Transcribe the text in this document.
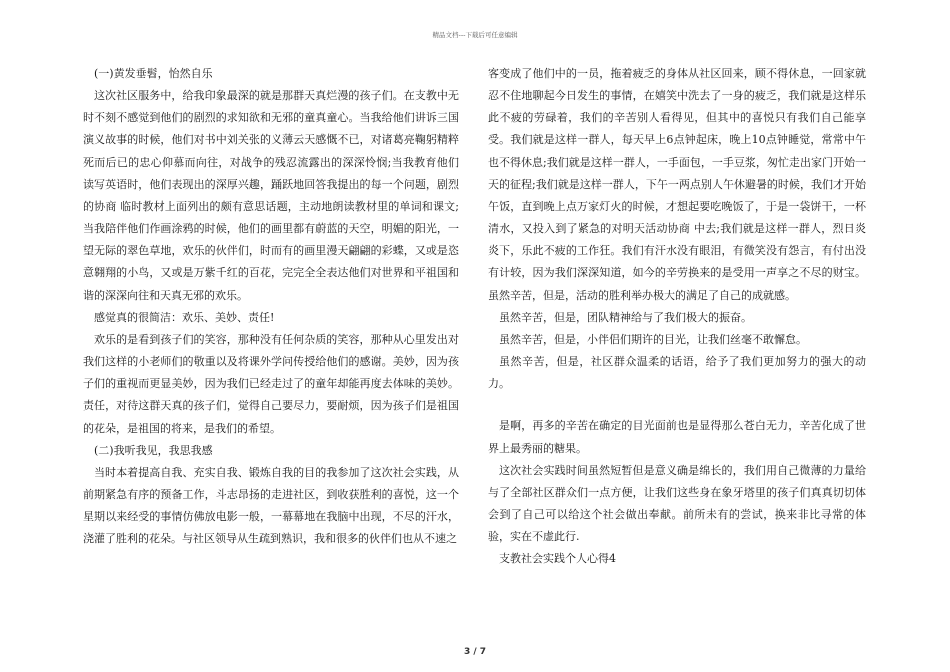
精品文档---下载后可任意编辑

(一)黄发垂髫，怡然自乐

这次社区服务中，给我印象最深的就是那群天真烂漫的孩子们。在支教中无时不刻不感觉到他们的剧烈的求知欲和无邪的童真童心。当我给他们讲诉三国演义故事的时候，他们对书中刘关张的义薄云天感慨不已，对诸葛亮鞠躬精粹死而后已的忠心仰慕而向往，对战争的残忍流露出的深深怜悯;当我教育他们读写英语时，他们表现出的深厚兴趣，踊跃地回答我提出的每一个问题，剧烈的协商 临时教材上面列出的颇有意思话题，主动地朗读教材里的单词和课文;当我陪伴他们作画涂鸦的时候，他们的画里都有蔚蓝的天空，明媚的阳光，一望无际的翠色草地，欢乐的伙伴们，时而有的画里漫天翩翩的彩蝶，又或是恣意翱翔的小鸟，又或是万紫千红的百花，完完全全表达他们对世界和平祖国和谐的深深向往和天真无邪的欢乐。

感觉真的很简洁：欢乐、美妙、责任!

欢乐的是看到孩子们的笑容，那种没有任何杂质的笑容，那种从心里发出对我们这样的小老师们的敬重以及将课外学问传授给他们的感谢。美妙，因为孩子们的重视而更显美妙，因为我们已经走过了的童年却能再度去体味的美妙。责任，对待这群天真的孩子们，觉得自己要尽力，要耐烦，因为孩子们是祖国的花朵，是祖国的将来，是我们的希望。

(二)我听我见，我思我感

当时本着提高自我、充实自我、锻炼自我的目的我参加了这次社会实践，从前期紧急有序的预备工作，斗志昂扬的走进社区，到收获胜利的喜悦，这一个星期以来经受的事情仿佛放电影一般，一幕幕地在我脑中出现，不尽的汗水，浇灌了胜利的花朵。与社区领导从生疏到熟识，我和很多的伙伴们也从不速之

客变成了他们中的一员，拖着疲乏的身体从社区回来，顾不得休息，一回家就忍不住地聊起今日发生的事情，在嬉笑中洗去了一身的疲乏，我们就是这样乐此不疲的劳碌着，我们的辛苦别人看得见，但其中的喜悦只有我们自己能享受。我们就是这样一群人，每天早上6点钟起床，晚上10点钟睡觉，常常中午也不得休息;我们就是这样一群人，一手面包，一手豆浆，匆忙走出家门开始一天的征程;我们就是这样一群人，下午一两点别人午休避暑的时候，我们才开始午饭，直到晚上点万家灯火的时候，才想起要吃晚饭了，于是一袋饼干，一杯清水，又投入到了紧急的对明天活动协商 中去;我们就是这样一群人，烈日炎炎下，乐此不疲的工作狂。我们有汗水没有眼泪，有微笑没有怨言，有付出没有计较，因为我们深深知道，如今的辛劳换来的是受用一声享之不尽的财宝。虽然辛苦，但是，活动的胜利举办极大的满足了自己的成就感。

虽然辛苦，但是，团队精神给与了我们极大的振奋。

虽然辛苦，但是，小伴侣们期许的目光，让我们丝毫不敢懈怠。

虽然辛苦，但是，社区群众温柔的话语，给予了我们更加努力的强大的动力。

是啊，再多的辛苦在确定的目光面前也是显得那么苍白无力，辛苦化成了世界上最秀丽的糖果。

这次社会实践时间虽然短暂但是意义确是绵长的，我们用自己微薄的力量给与了全部社区群众们一点方便，让我们这些身在象牙塔里的孩子们真真切切体会到了自己可以给这个社会做出奉献。前所未有的尝试，换来非比寻常的体验，实在不虚此行.

支教社会实践个人心得4

3 / 7
